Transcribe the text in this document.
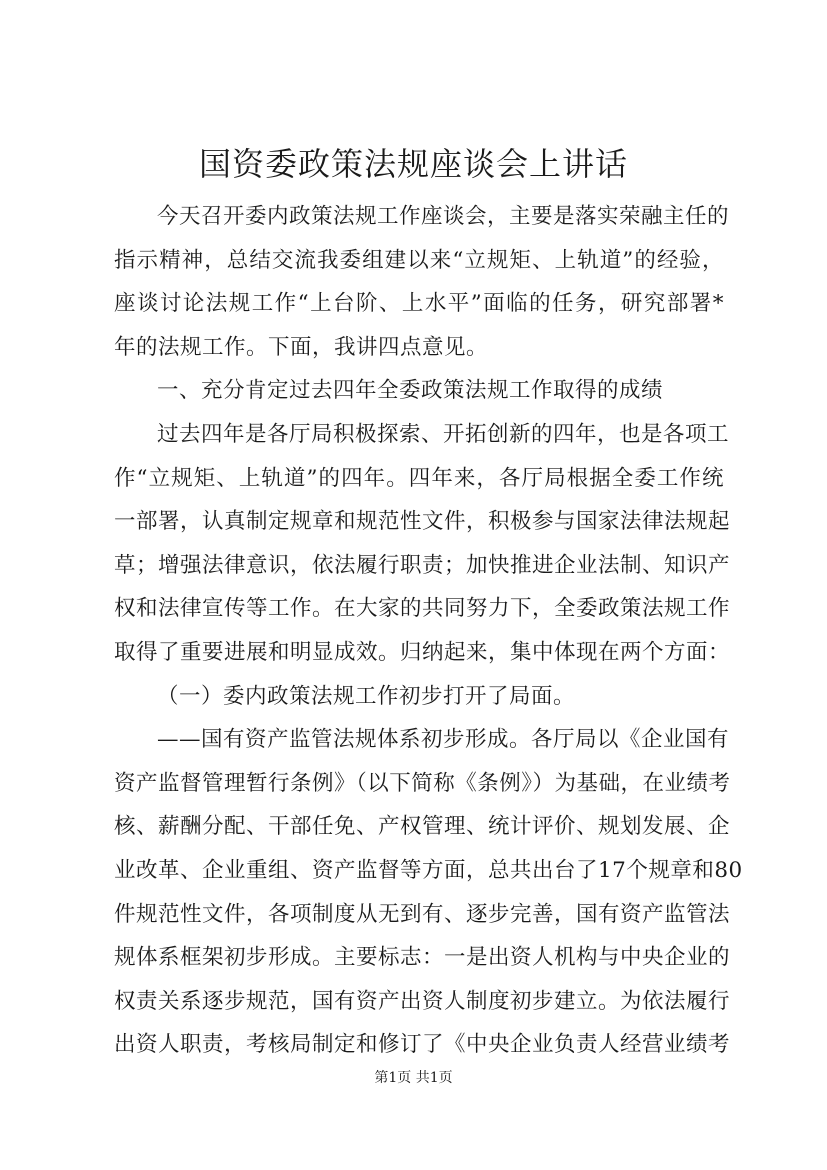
国资委政策法规座谈会上讲话
今天召开委内政策法规工作座谈会，主要是落实荣融主任的
指示精神，总结交流我委组建以来“立规矩、上轨道”的经验，
座谈讨论法规工作“上台阶、上水平”面临的任务，研究部署*
年的法规工作。下面，我讲四点意见。
一、充分肯定过去四年全委政策法规工作取得的成绩
过去四年是各厅局积极探索、开拓创新的四年，也是各项工
作“立规矩、上轨道”的四年。四年来，各厅局根据全委工作统
一部署，认真制定规章和规范性文件，积极参与国家法律法规起
草；增强法律意识，依法履行职责；加快推进企业法制、知识产
权和法律宣传等工作。在大家的共同努力下，全委政策法规工作
取得了重要进展和明显成效。归纳起来，集中体现在两个方面：
（一）委内政策法规工作初步打开了局面。
——国有资产监管法规体系初步形成。各厅局以《企业国有
资产监督管理暂行条例》（以下简称《条例》）为基础，在业绩考
核、薪酬分配、干部任免、产权管理、统计评价、规划发展、企
业改革、企业重组、资产监督等方面，总共出台了17个规章和80
件规范性文件，各项制度从无到有、逐步完善，国有资产监管法
规体系框架初步形成。主要标志：一是出资人机构与中央企业的
权责关系逐步规范，国有资产出资人制度初步建立。为依法履行
出资人职责，考核局制定和修订了《中央企业负责人经营业绩考
第1页 共1页
